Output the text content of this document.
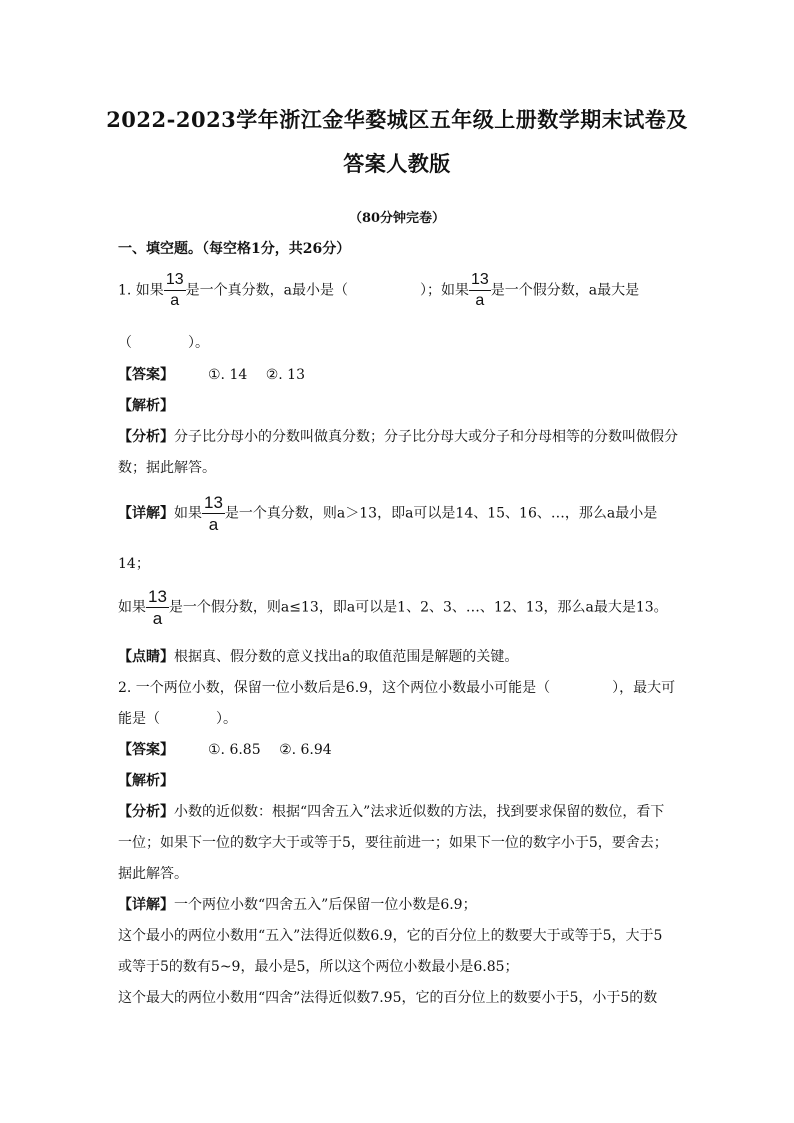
2022-2023学年浙江金华婺城区五年级上册数学期末试卷及
答案人教版
（80分钟完卷）
一、填空题。（每空格1分，共26分）
1. 如果 $\frac{13}{a}$ 是一个真分数，a最小是（	）；如果 $\frac{13}{a}$ 是一个假分数，a最大是
（	）。
【答案】 ①. 14　 ②. 13
【解析】
【分析】分子比分母小的分数叫做真分数；分子比分母大或分子和分母相等的分数叫做假分
数；据此解答。
【详解】如果 $\frac{13}{a}$ 是一个真分数，则a＞13，即a可以是14、15、16、…，那么a最小是
14；
如果 $\frac{13}{a}$ 是一个假分数，则a≤13，即a可以是1、2、3、…、12、13，那么a最大是13。
【点睛】根据真、假分数的意义找出a的取值范围是解题的关键。
2. 一个两位小数，保留一位小数后是6.9，这个两位小数最小可能是（	），最大可
能是（　　　　）。
【答案】 ①. 6.85　 ②. 6.94
【解析】
【分析】小数的近似数：根据“四舍五入”法求近似数的方法，找到要求保留的数位，看下
一位；如果下一位的数字大于或等于5，要往前进一；如果下一位的数字小于5，要舍去；
据此解答。
【详解】一个两位小数“四舍五入”后保留一位小数是6.9；
这个最小的两位小数用“五入”法得近似数6.9，它的百分位上的数要大于或等于5，大于5
或等于5的数有5~9，最小是5，所以这个两位小数最小是6.85；
这个最大的两位小数用“四舍”法得近似数7.95，它的百分位上的数要小于5，小于5的数
